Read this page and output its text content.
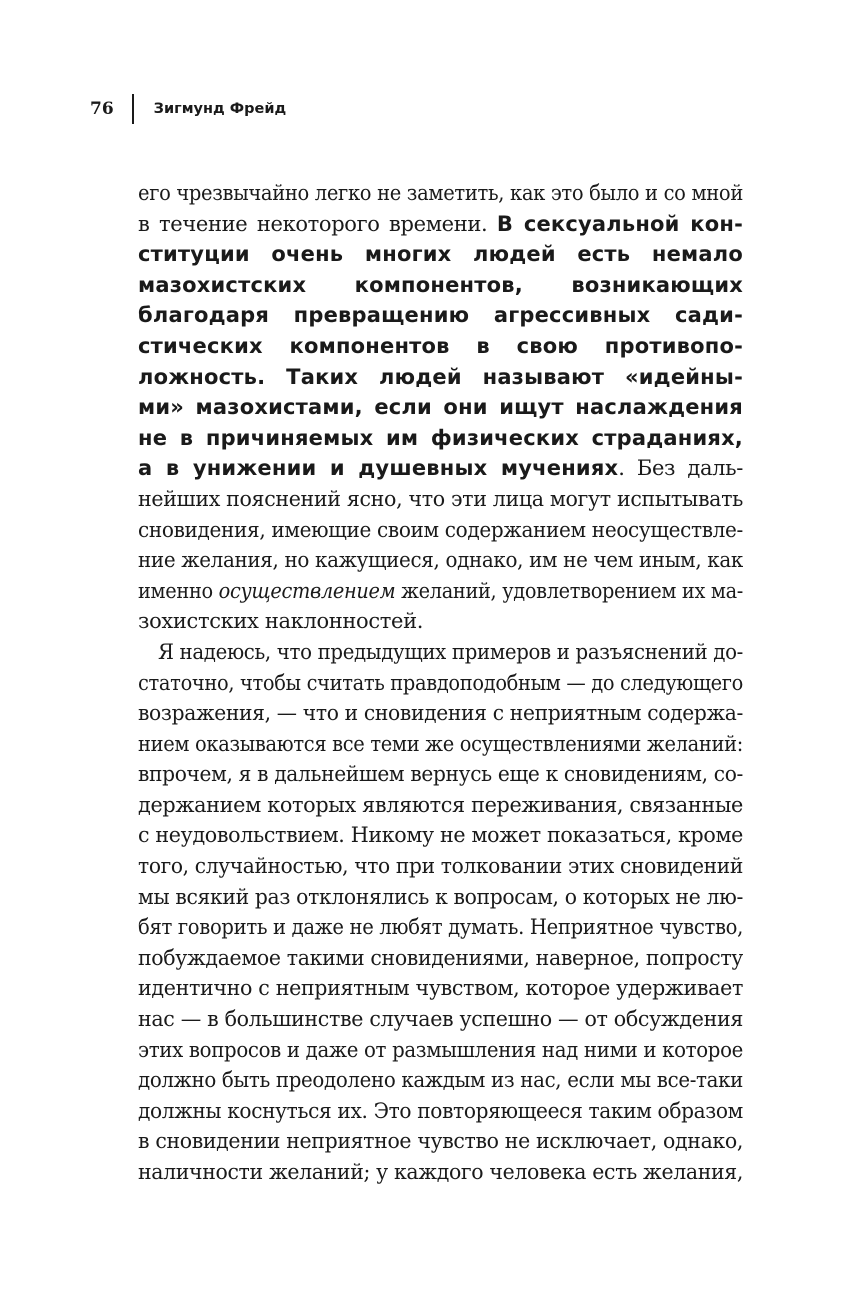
76	Зигмунд Фрейд
его чрезвычайно легко не заметить, как это было и со мной
в течение некоторого времени. В сексуальной кон-
ституции очень многих людей есть немало
мазохистских компонентов, возникающих
благодаря превращению агрессивных сади-
стических компонентов в свою противопо-
ложность. Таких людей называют «идейны-
ми» мазохистами, если они ищут наслаждения
не в причиняемых им физических страданиях,
а в унижении и душевных мучениях. Без даль-
нейших пояснений ясно, что эти лица могут испытывать
сновидения, имеющие своим содержанием неосуществле-
ние желания, но кажущиеся, однако, им не чем иным, как
именно осуществлением желаний, удовлетворением их ма-
зохистских наклонностей.
Я надеюсь, что предыдущих примеров и разъяснений до-
статочно, чтобы считать правдоподобным — до следующего
возражения, — что и сновидения с неприятным содержа-
нием оказываются все теми же осуществлениями желаний:
впрочем, я в дальнейшем вернусь еще к сновидениям, со-
держанием которых являются переживания, связанные
с неудовольствием. Никому не может показаться, кроме
того, случайностью, что при толковании этих сновидений
мы всякий раз отклонялись к вопросам, о которых не лю-
бят говорить и даже не любят думать. Неприятное чувство,
побуждаемое такими сновидениями, наверное, попросту
идентично с неприятным чувством, которое удерживает
нас — в большинстве случаев успешно — от обсуждения
этих вопросов и даже от размышления над ними и которое
должно быть преодолено каждым из нас, если мы все-таки
должны коснуться их. Это повторяющееся таким образом
в сновидении неприятное чувство не исключает, однако,
наличности желаний; у каждого человека есть желания,
